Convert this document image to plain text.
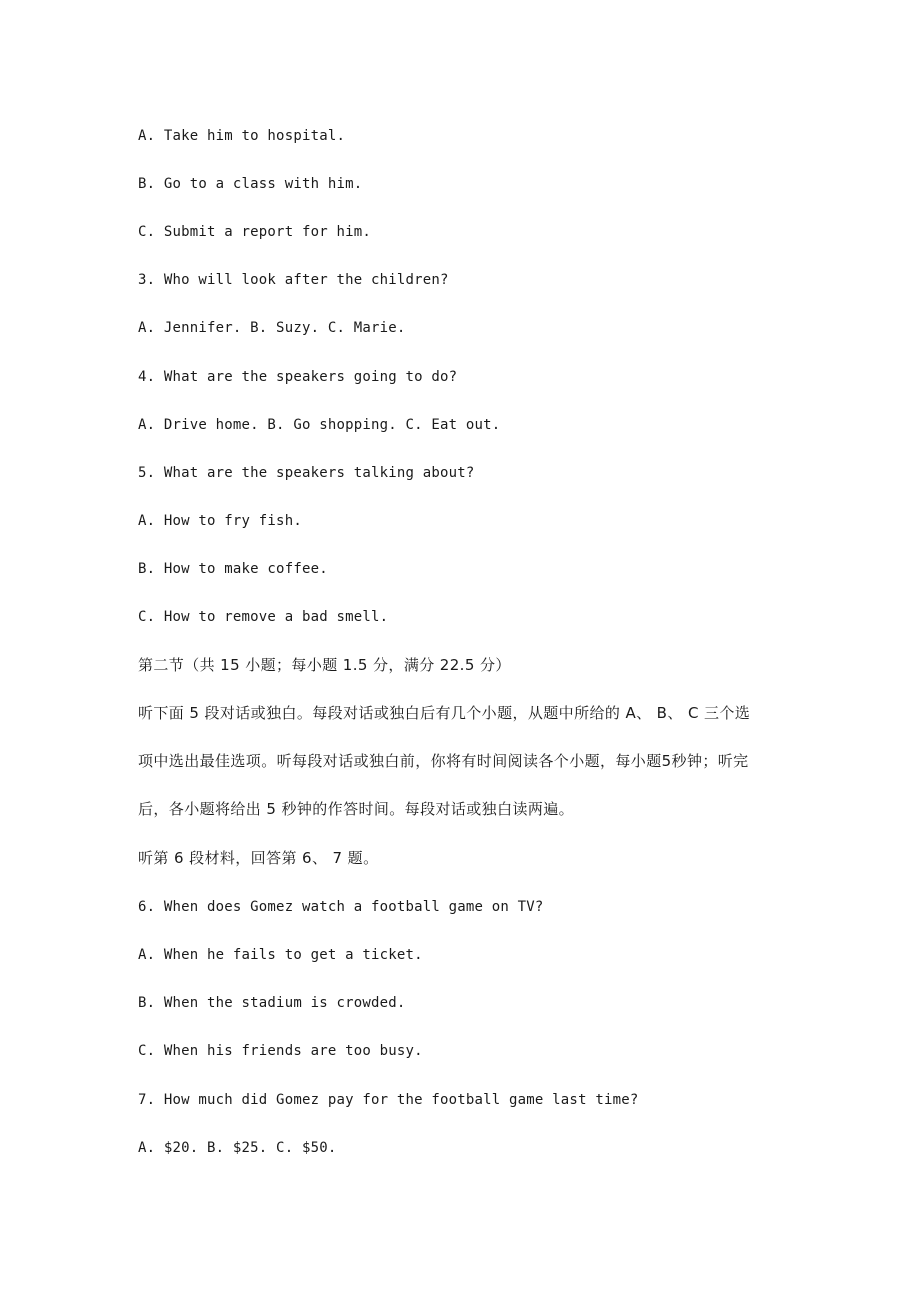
A. Take him to hospital.
B. Go to a class with him.
C. Submit a report for him.
3. Who will look after the children?
A. Jennifer. B. Suzy. C. Marie.
4. What are the speakers going to do?
A. Drive home. B. Go shopping. C. Eat out.
5. What are the speakers talking about?
A. How to fry fish.
B. How to make coffee.
C. How to remove a bad smell.
第二节（共 15 小题；每小题 1.5 分，满分 22.5 分）
听下面 5 段对话或独白。每段对话或独白后有几个小题，从题中所给的 A、 B、 C 三个选
项中选出最佳选项。听每段对话或独白前，你将有时间阅读各个小题，每小题5秒钟；听完
后，各小题将给出 5 秒钟的作答时间。每段对话或独白读两遍。
听第 6 段材料，回答第 6、 7 题。
6. When does Gomez watch a football game on TV?
A. When he fails to get a ticket.
B. When the stadium is crowded.
C. When his friends are too busy.
7. How much did Gomez pay for the football game last time?
A. $20. B. $25. C. $50.
